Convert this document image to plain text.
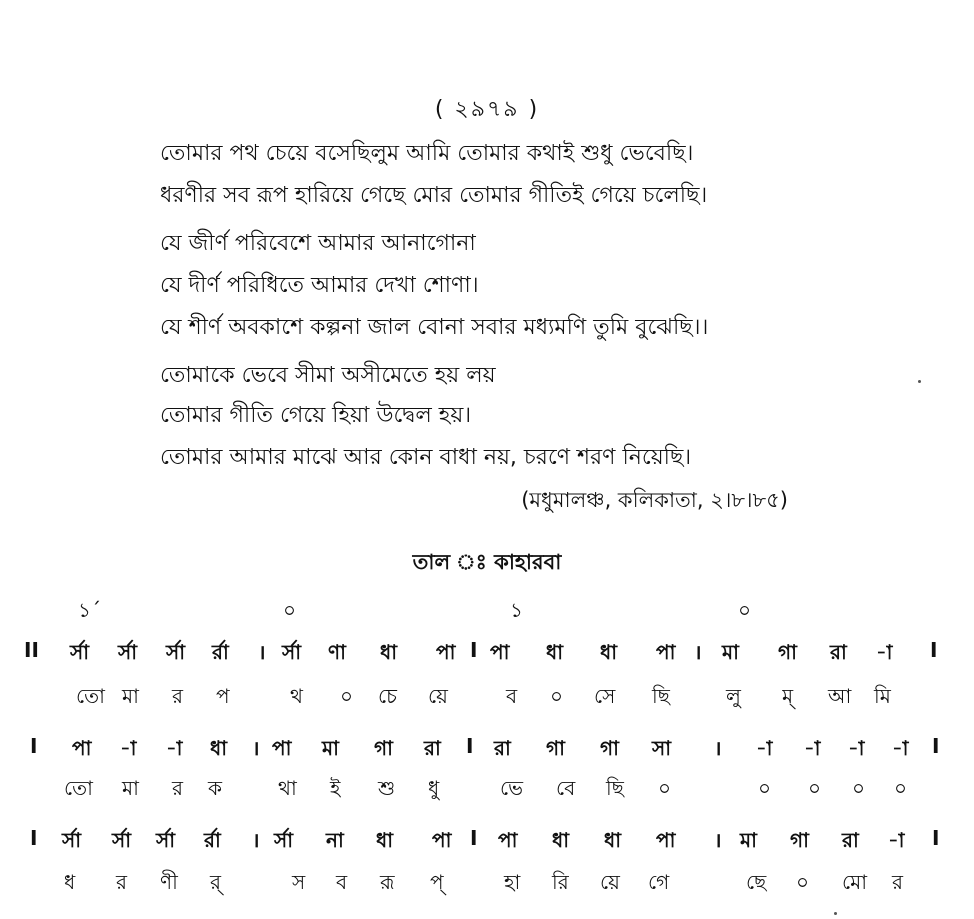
( ২৯৭৯ )
তোমার পথ চেয়ে বসেছিলুম আমি তোমার কথাই শুধু ভেবেছি।
ধরণীর সব রূপ হারিয়ে গেছে মোর তোমার গীতিই গেয়ে চলেছি।
যে জীর্ণ পরিবেশে আমার আনাগোনা
যে দীর্ণ পরিধিতে আমার দেখা শোণা।
যে শীর্ণ অবকাশে কল্পনা জাল বোনা সবার মধ্যমণি তুমি বুঝেছি।।
তোমাকে ভেবে সীমা অসীমেতে হয় লয়
তোমার গীতি গেয়ে হিয়া উদ্বেল হয়।
তোমার আমার মাঝে আর কোন বাধা নয়, চরণে শরণ নিয়েছি।
(মধুমালঞ্চ, কলিকাতা, ২।৮।৮৫)
তাল ঃ কাহারবা
১´	০	১	০
II র্সা র্সা র্সা র্রা । র্সা ণা ধা পা I পা ধা ধা পা । মা গা রা -া I
তো মা র প	থ ০ চে য়ে	ব ০ সে ছি	লু ম্ আ মি
I পা -া -া ধা । পা মা গা রা I রা গা গা সা । -া -া -া -া I
তো মা র ক	থা ই শু ধু	ভে বে ছি ০	০ ০ ০ ০
I র্সা র্সা র্সা র্রা । র্সা না ধা পা I পা ধা ধা পা । মা গা রা -া I
ধ র ণী র্	স ব রূ প্	হা রি য়ে গে	ছে ০ মো র
